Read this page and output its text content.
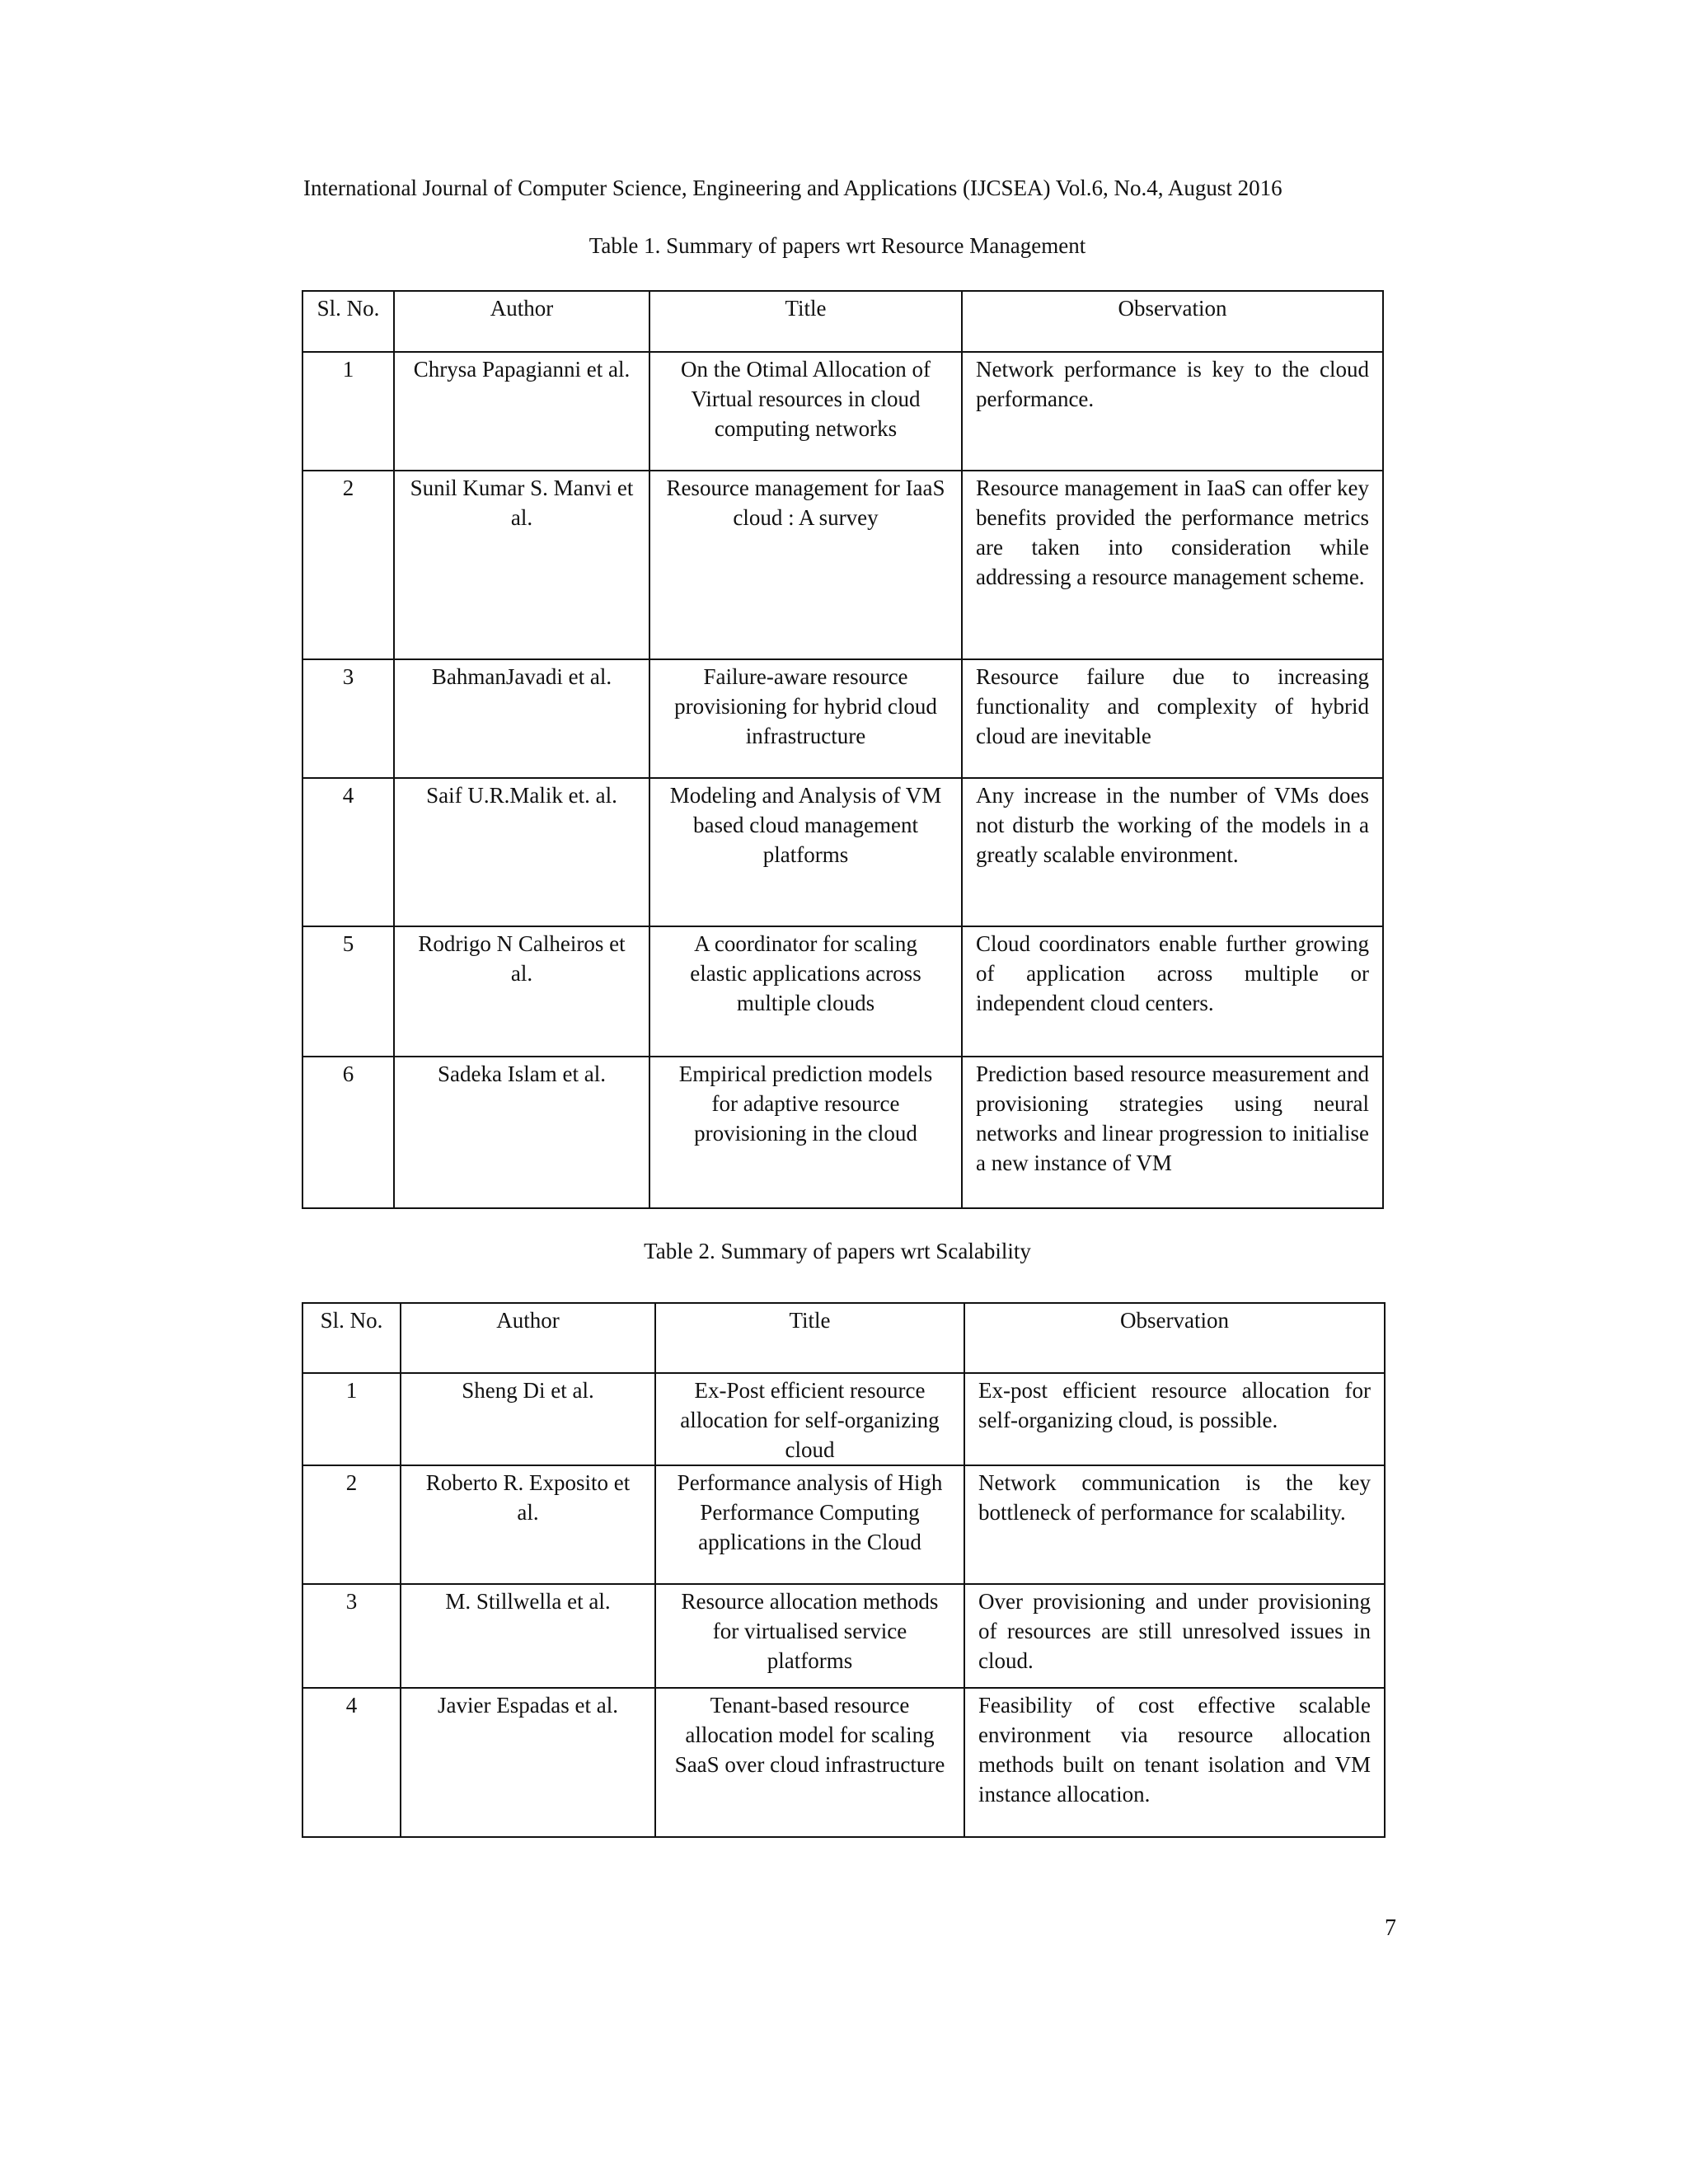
International Journal of Computer Science, Engineering and Applications (IJCSEA) Vol.6, No.4, August 2016
Table 1. Summary of papers wrt Resource Management
Sl. No.	Author	Title	Observation
1	Chrysa Papagianni et al.	On the Otimal Allocation of Virtual resources in cloud computing networks	Network performance is key to the cloud performance.
2	Sunil Kumar S. Manvi et al.	Resource management for IaaS cloud : A survey	Resource management in IaaS can offer key benefits provided the performance metrics are taken into consideration while addressing a resource management scheme.
3	BahmanJavadi et al.	Failure-aware resource provisioning for hybrid cloud infrastructure	Resource failure due to increasing functionality and complexity of hybrid cloud are inevitable
4	Saif U.R.Malik et. al.	Modeling and Analysis of VM based cloud management platforms	Any increase in the number of VMs does not disturb the working of the models in a greatly scalable environment.
5	Rodrigo N Calheiros et al.	A coordinator for scaling elastic applications across multiple clouds	Cloud coordinators enable further growing of application across multiple or independent cloud centers.
6	Sadeka Islam et al.	Empirical prediction models for adaptive resource provisioning in the cloud	Prediction based resource measurement and provisioning strategies using neural networks and linear progression to initialise a new instance of VM
Table 2. Summary of papers wrt Scalability
Sl. No.	Author	Title	Observation
1	Sheng Di et al.	Ex-Post efficient resource allocation for self-organizing cloud	Ex-post efficient resource allocation for self-organizing cloud, is possible.
2	Roberto R. Exposito et al.	Performance analysis of High Performance Computing applications in the Cloud	Network communication is the key bottleneck of performance for scalability.
3	M. Stillwella et al.	Resource allocation methods for virtualised service platforms	Over provisioning and under provisioning of resources are still unresolved issues in cloud.
4	Javier Espadas et al.	Tenant-based resource allocation model for scaling SaaS over cloud infrastructure	Feasibility of cost effective scalable environment via resource allocation methods built on tenant isolation and VM instance allocation.
7
